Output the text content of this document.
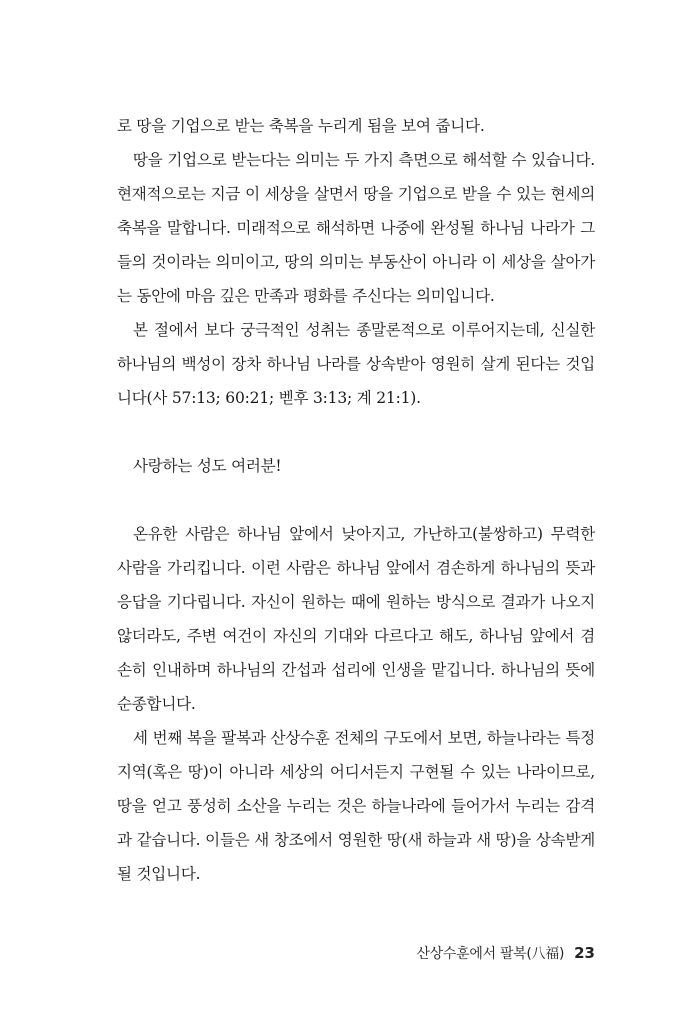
로 땅을 기업으로 받는 축복을 누리게 됨을 보여 줍니다.

땅을 기업으로 받는다는 의미는 두 가지 측면으로 해석할 수 있습니다. 현재적으로는 지금 이 세상을 살면서 땅을 기업으로 받을 수 있는 현세의 축복을 말합니다. 미래적으로 해석하면 나중에 완성될 하나님 나라가 그들의 것이라는 의미이고, 땅의 의미는 부동산이 아니라 이 세상을 살아가는 동안에 마음 깊은 만족과 평화를 주신다는 의미입니다.

본 절에서 보다 궁극적인 성취는 종말론적으로 이루어지는데, 신실한 하나님의 백성이 장차 하나님 나라를 상속받아 영원히 살게 된다는 것입니다(사 57:13; 60:21; 벧후 3:13; 계 21:1).

사랑하는 성도 여러분!

온유한 사람은 하나님 앞에서 낮아지고, 가난하고(불쌍하고) 무력한 사람을 가리킵니다. 이런 사람은 하나님 앞에서 겸손하게 하나님의 뜻과 응답을 기다립니다. 자신이 원하는 때에 원하는 방식으로 결과가 나오지 않더라도, 주변 여건이 자신의 기대와 다르다고 해도, 하나님 앞에서 겸손히 인내하며 하나님의 간섭과 섭리에 인생을 맡깁니다. 하나님의 뜻에 순종합니다.

세 번째 복을 팔복과 산상수훈 전체의 구도에서 보면, 하늘나라는 특정 지역(혹은 땅)이 아니라 세상의 어디서든지 구현될 수 있는 나라이므로, 땅을 얻고 풍성히 소산을 누리는 것은 하늘나라에 들어가서 누리는 감격과 같습니다. 이들은 새 창조에서 영원한 땅(새 하늘과 새 땅)을 상속받게 될 것입니다.

산상수훈에서 팔복(八福) 23
